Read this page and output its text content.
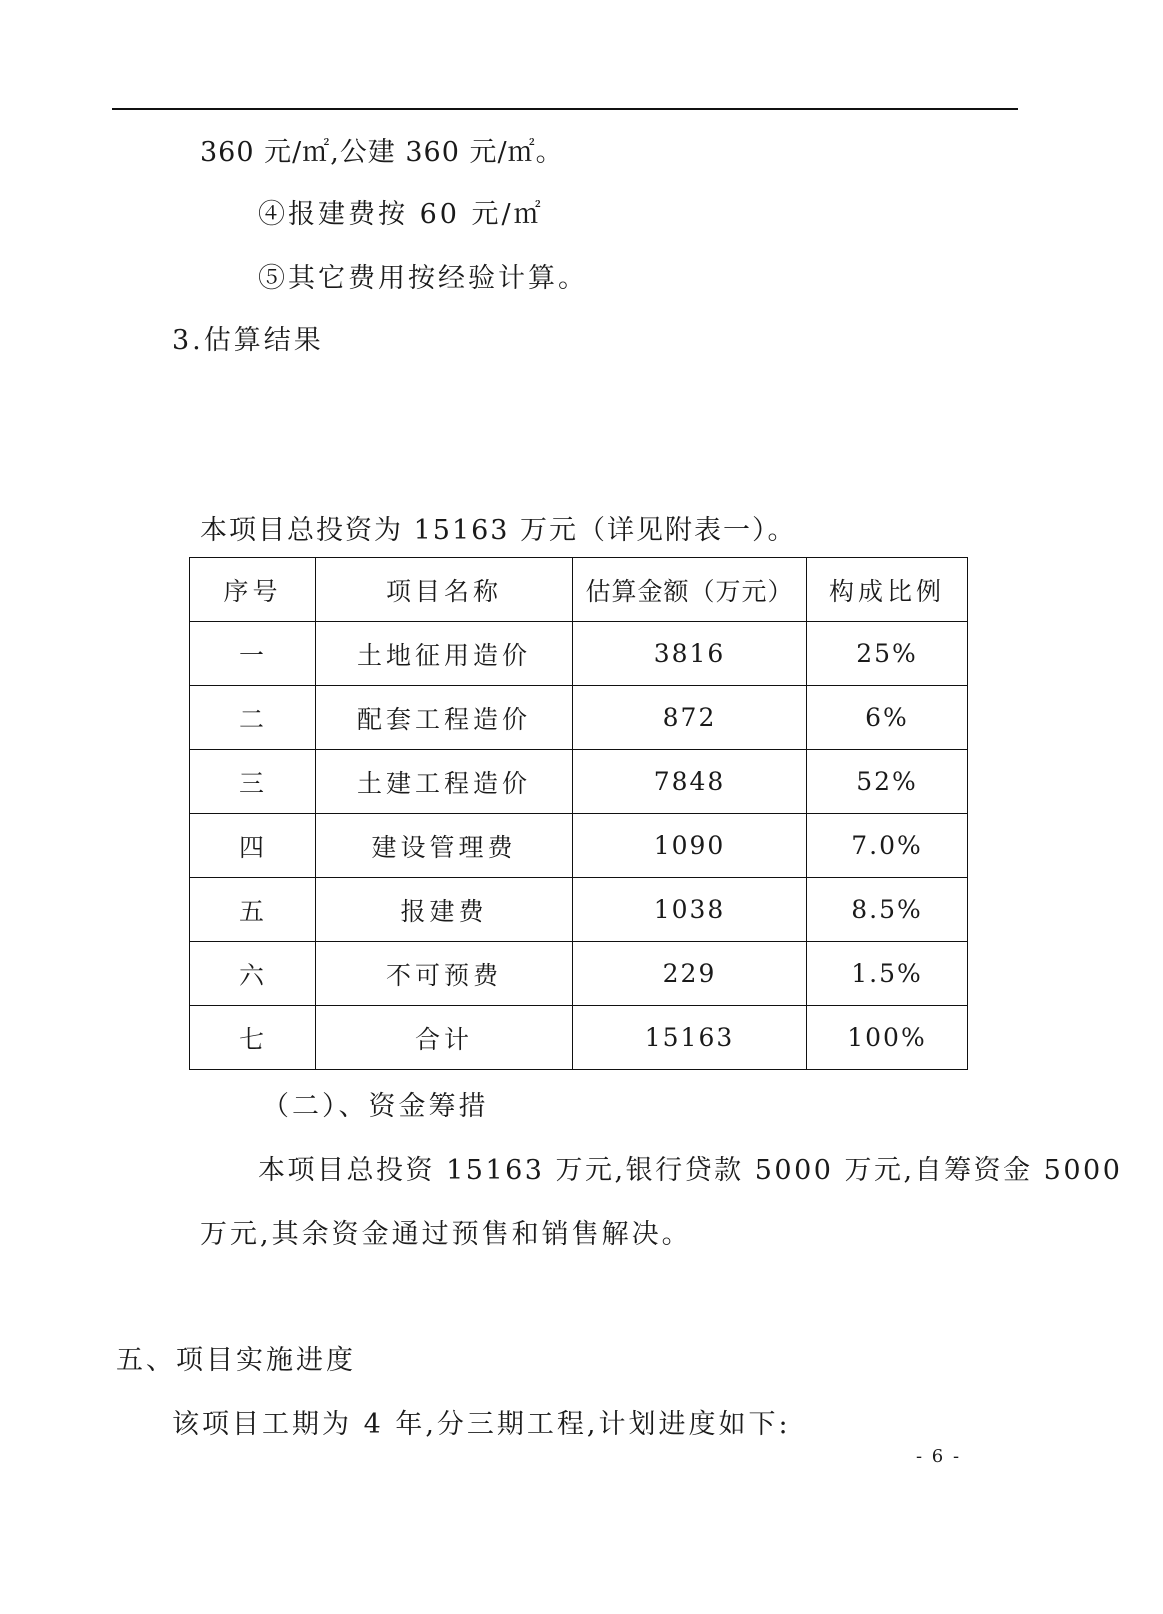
360 元/㎡,公建 360 元/㎡。
④报建费按 60 元/㎡
⑤其它费用按经验计算。
3.估算结果
本项目总投资为 15163 万元（详见附表一）。
序号	项目名称	估算金额（万元）	构成比例
一	土地征用造价	3816	25%
二	配套工程造价	872	6%
三	土建工程造价	7848	52%
四	建设管理费	1090	7.0%
五	报建费	1038	8.5%
六	不可预费	229	1.5%
七	合计	15163	100%
（二）、资金筹措
本项目总投资 15163 万元,银行贷款 5000 万元,自筹资金 5000
万元,其余资金通过预售和销售解决。
五、项目实施进度
该项目工期为 4 年,分三期工程,计划进度如下:
- 6 -
